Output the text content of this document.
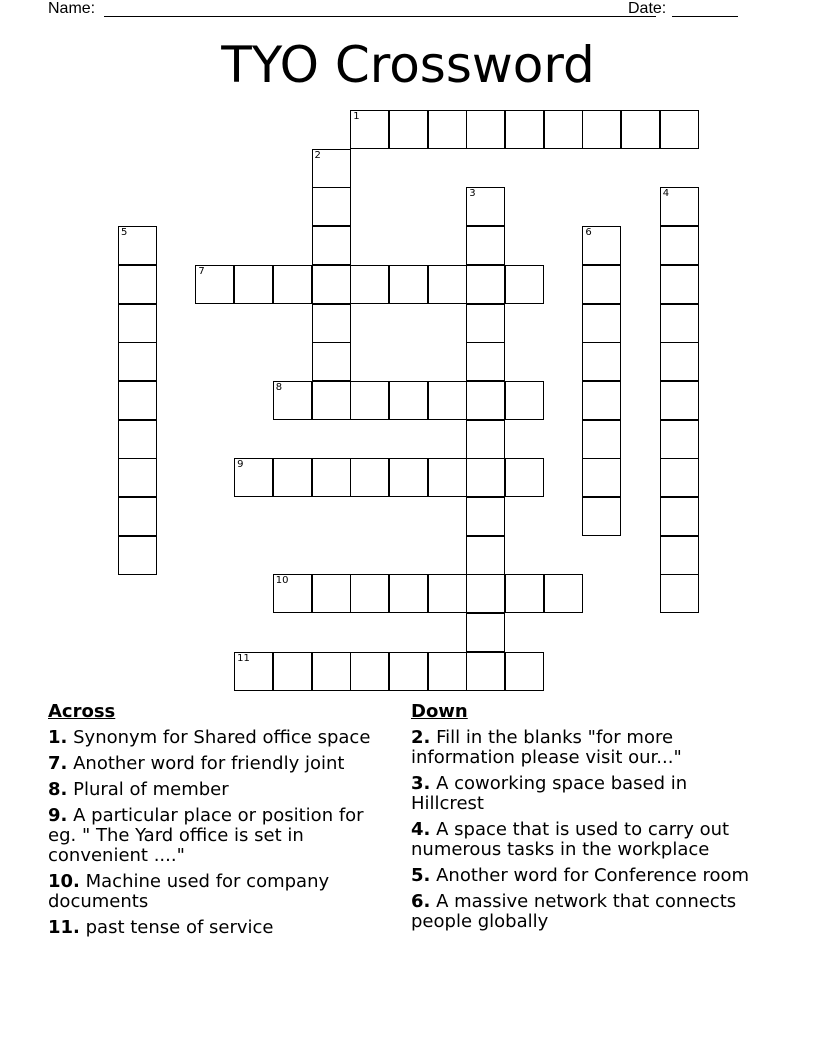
Name:	Date:
TYO Crossword
1
2
3	4
5	6
7
8
9
10
11
Across
1. Synonym for Shared office space
7. Another word for friendly joint
8. Plural of member
9. A particular place or position for eg. " The Yard office is set in convenient ...."
10. Machine used for company documents
11. past tense of service
Down
2. Fill in the blanks "for more information please visit our..."
3. A coworking space based in Hillcrest
4. A space that is used to carry out numerous tasks in the workplace
5. Another word for Conference room
6. A massive network that connects people globally
